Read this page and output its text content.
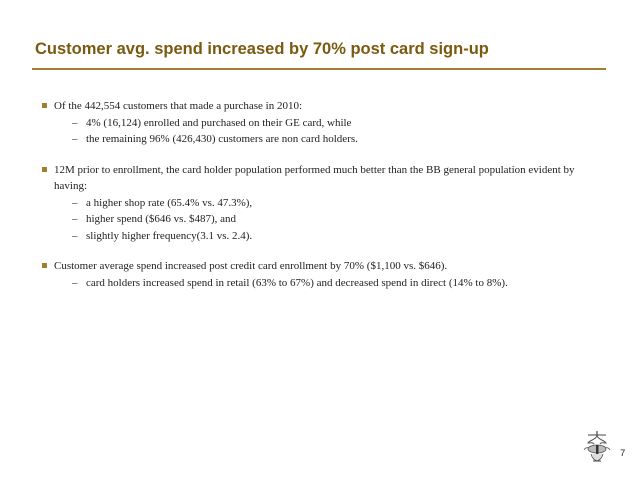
Customer avg. spend increased by 70% post card sign-up
Of the 442,554 customers that made a purchase in 2010:
– 4% (16,124) enrolled and purchased on their GE card, while
– the remaining 96% (426,430) customers are non card holders.
12M prior to enrollment, the card holder population performed much better than the BB general population evident by having:
– a higher shop rate (65.4% vs. 47.3%),
– higher spend ($646 vs. $487), and
– slightly higher frequency(3.1 vs. 2.4).
Customer average spend increased post credit card enrollment by 70% ($1,100 vs. $646).
– card holders increased spend in retail (63% to 67%) and decreased spend in direct (14% to 8%).
7
